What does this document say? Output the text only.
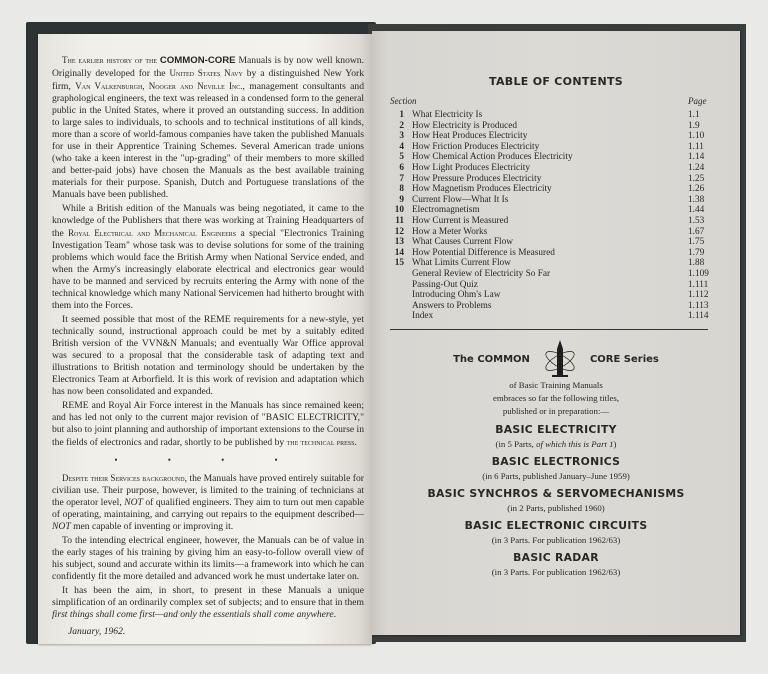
The earlier history of the COMMON-CORE Manuals is by now well known. Originally developed for the United States Navy by a distinguished New York firm, Van Valkenburgh, Nooger and Neville Inc., management consultants and graphological engineers, the text was released in a condensed form to the general public in the United States, where it proved an outstanding success. In addition to large sales to individuals, to schools and to technical institutions of all kinds, more than a score of world-famous companies have taken the published Manuals for use in their Apprentice Training Schemes. Several American trade unions (who take a keen interest in the "up-grading" of their members to more skilled and better-paid jobs) have chosen the Manuals as the best available training materials for their purpose. Spanish, Dutch and Portuguese translations of the Manuals have been published.

While a British edition of the Manuals was being negotiated, it came to the knowledge of the Publishers that there was working at Training Headquarters of the Royal Electrical and Mechanical Engineers a special "Electronics Training Investigation Team" whose task was to devise solutions for some of the training problems which would face the British Army when National Service ended, and when the Army's increasingly elaborate electrical and electronics gear would have to be manned and serviced by recruits entering the Army with none of the technical knowledge which many National Servicemen had hitherto brought with them into the Forces.

It seemed possible that most of the REME requirements for a new-style, yet technically sound, instructional approach could be met by a suitably edited British version of the VVN&N Manuals; and eventually War Office approval was secured to a proposal that the considerable task of adapting text and illustrations to British notation and terminology should be undertaken by the Electronics Team at Arborfield. It is this work of revision and adaptation which has now been consolidated and expanded.

REME and Royal Air Force interest in the Manuals has since remained keen; and has led not only to the current major revision of "BASIC ELECTRICITY," but also to joint planning and authorship of important extensions to the Course in the fields of electronics and radar, shortly to be published by the technical press.

• • • •

Despite their Services background, the Manuals have proved entirely suitable for civilian use. Their purpose, however, is limited to the training of technicians at the operator level, NOT of qualified engineers. They aim to turn out men capable of operating, maintaining, and carrying out repairs to the equipment described—NOT men capable of inventing or improving it.

To the intending electrical engineer, however, the Manuals can be of value in the early stages of his training by giving him an easy-to-follow overall view of his subject, sound and accurate within its limits—a framework into which he can confidently fit the more detailed and advanced work he must undertake later on.

It has been the aim, in short, to present in these Manuals a unique simplification of an ordinarily complex set of subjects; and to ensure that in them first things shall come first—and only the essentials shall come anywhere.

January, 1962.
TABLE OF CONTENTS
Section	Page
1 What Electricity Is	1.1
2 How Electricity is Produced	1.9
3 How Heat Produces Electricity	1.10
4 How Friction Produces Electricity	1.11
5 How Chemical Action Produces Electricity	1.14
6 How Light Produces Electricity	1.24
7 How Pressure Produces Electricity	1.25
8 How Magnetism Produces Electricity	1.26
9 Current Flow—What It Is	1.38
10 Electromagnetism	1.44
11 How Current is Measured	1.53
12 How a Meter Works	1.67
13 What Causes Current Flow	1.75
14 How Potential Difference is Measured	1.79
15 What Limits Current Flow	1.88
General Review of Electricity So Far	1.109
Passing-Out Quiz	1.111
Introducing Ohm's Law	1.112
Answers to Problems	1.113
Index	1.114
The COMMON	CORE Series
of Basic Training Manuals
embraces so far the following titles,
published or in preparation:—
BASIC ELECTRICITY
(in 5 Parts, of which this is Part 1)
BASIC ELECTRONICS
(in 6 Parts, published January–June 1959)
BASIC SYNCHROS & SERVOMECHANISMS
(in 2 Parts, published 1960)
BASIC ELECTRONIC CIRCUITS
(in 3 Parts. For publication 1962/63)
BASIC RADAR
(in 3 Parts. For publication 1962/63)
